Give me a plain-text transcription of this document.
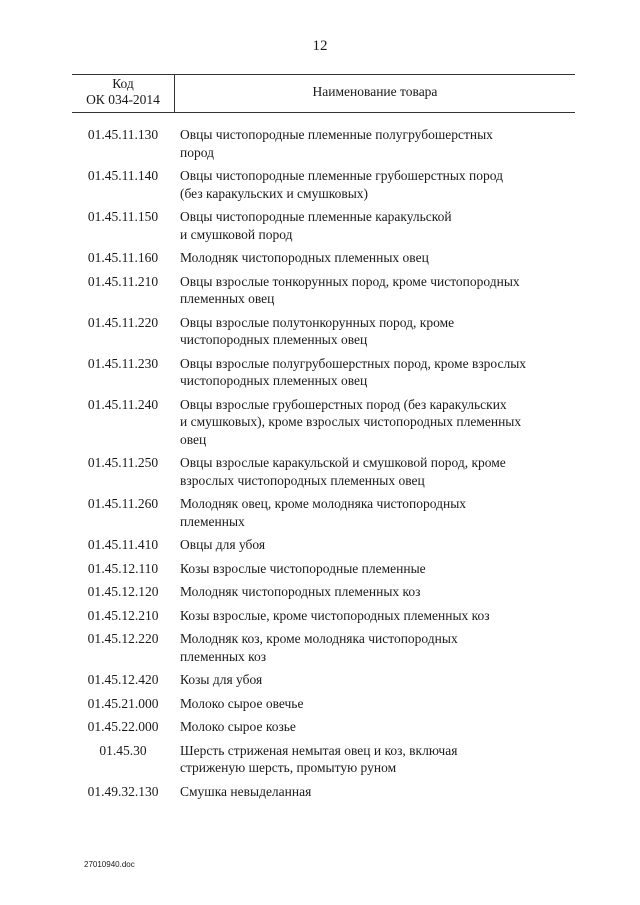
12
Код
ОК 034-2014
Наименование товара
01.45.11.130	Овцы чистопородные племенные полугрубошерстных
пород
01.45.11.140	Овцы чистопородные племенные грубошерстных пород
(без каракульских и смушковых)
01.45.11.150	Овцы чистопородные племенные каракульской
и смушковой пород
01.45.11.160	Молодняк чистопородных племенных овец
01.45.11.210	Овцы взрослые тонкорунных пород, кроме чистопородных
племенных овец
01.45.11.220	Овцы взрослые полутонкорунных пород, кроме
чистопородных племенных овец
01.45.11.230	Овцы взрослые полугрубошерстных пород, кроме взрослых
чистопородных племенных овец
01.45.11.240	Овцы взрослые грубошерстных пород (без каракульских
и смушковых), кроме взрослых чистопородных племенных
овец
01.45.11.250	Овцы взрослые каракульской и смушковой пород, кроме
взрослых чистопородных племенных овец
01.45.11.260	Молодняк овец, кроме молодняка чистопородных
племенных
01.45.11.410	Овцы для убоя
01.45.12.110	Козы взрослые чистопородные племенные
01.45.12.120	Молодняк чистопородных племенных коз
01.45.12.210	Козы взрослые, кроме чистопородных племенных коз
01.45.12.220	Молодняк коз, кроме молодняка чистопородных
племенных коз
01.45.12.420	Козы для убоя
01.45.21.000	Молоко сырое овечье
01.45.22.000	Молоко сырое козье
01.45.30	Шерсть стриженая немытая овец и коз, включая
стриженую шерсть, промытую руном
01.49.32.130	Смушка невыделанная
27010940.doc
